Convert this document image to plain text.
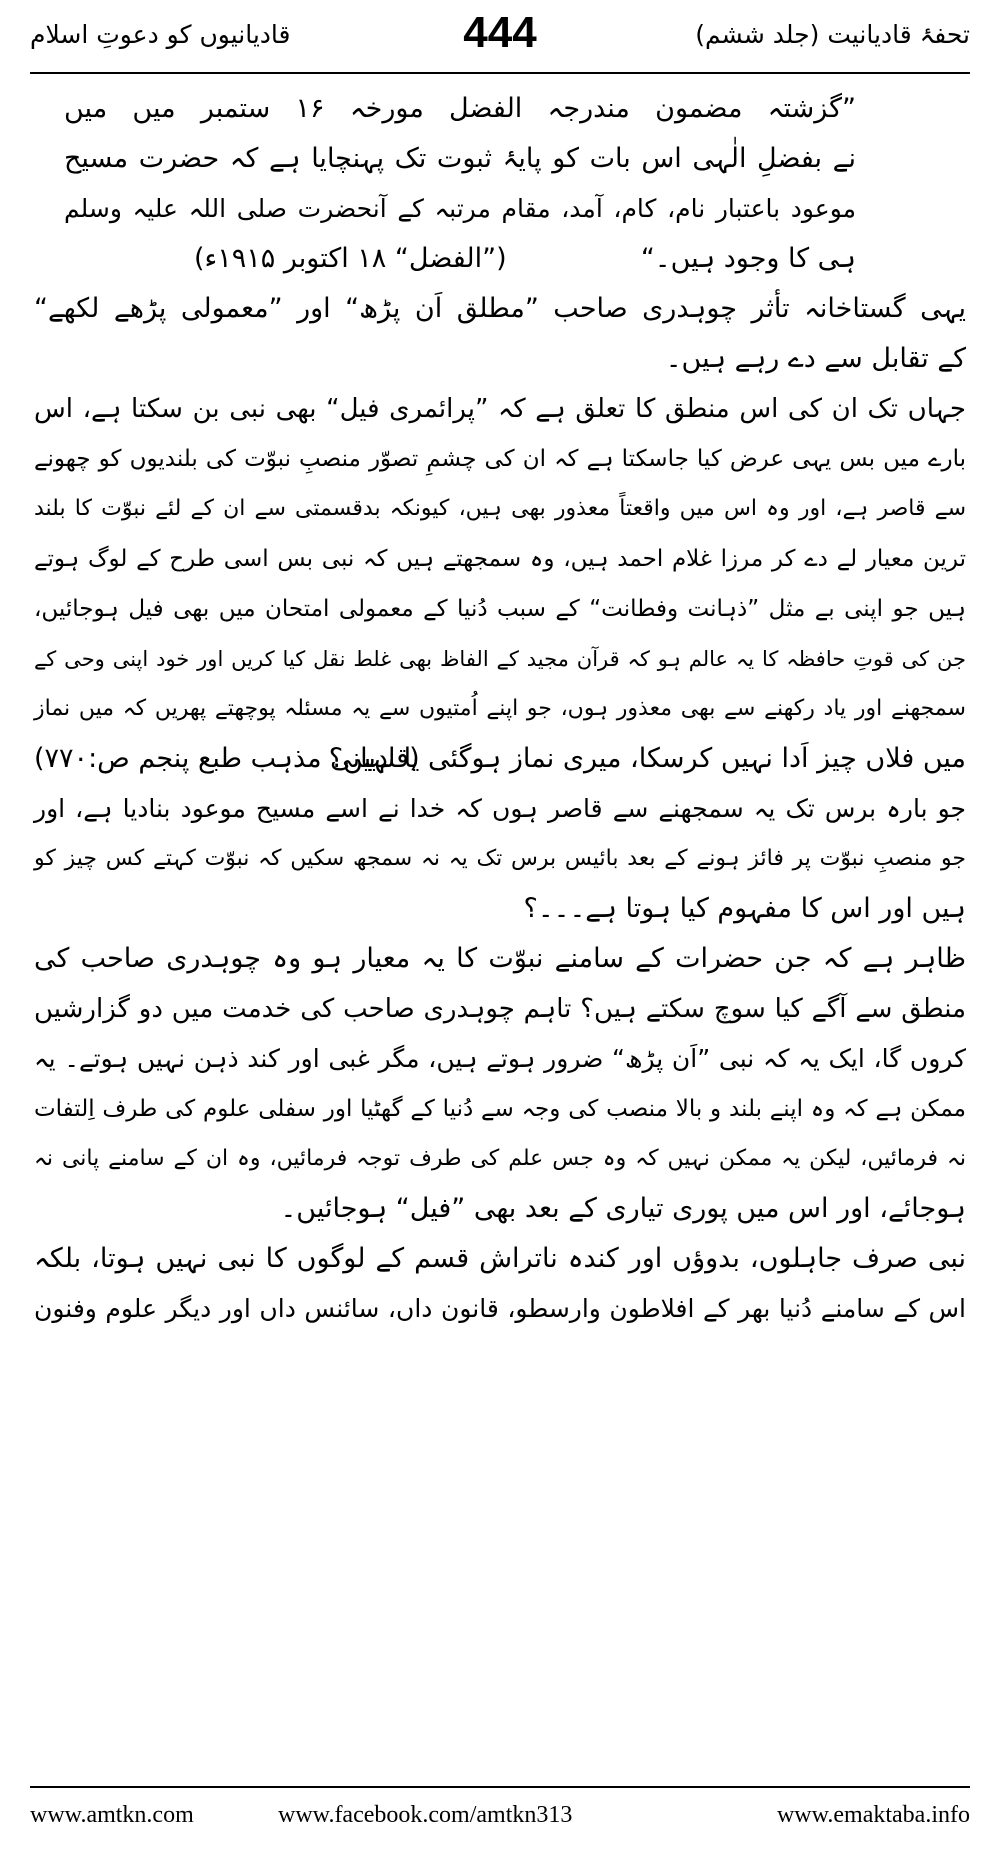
تحفۂ قادیانیت (جلد ششم)
444
قادیانیوں کو دعوتِ اسلام
”گزشتہ مضمون مندرجہ الفضل مورخہ ۱۶ ستمبر میں میں
نے بفضلِ الٰہی اس بات کو پایۂ ثبوت تک پہنچایا ہے کہ حضرت مسیح
موعود باعتبار نام، کام، آمد، مقام مرتبہ کے آنحضرت صلی اللہ علیہ وسلم
ہی کا وجود ہیں۔“
(”الفضل“ ۱۸ اکتوبر ۱۹۱۵ء)
یہی گستاخانہ تأثر چوہدری صاحب ”مطلق اَن پڑھ“ اور ”معمولی پڑھے لکھے“
کے تقابل سے دے رہے ہیں۔
جہاں تک ان کی اس منطق کا تعلق ہے کہ ”پرائمری فیل“ بھی نبی بن سکتا ہے، اس
بارے میں بس یہی عرض کیا جاسکتا ہے کہ ان کی چشمِ تصوّر منصبِ نبوّت کی بلندیوں کو چھونے
سے قاصر ہے، اور وہ اس میں واقعتاً معذور بھی ہیں، کیونکہ بدقسمتی سے ان کے لئے نبوّت کا بلند
ترین معیار لے دے کر مرزا غلام احمد ہیں، وہ سمجھتے ہیں کہ نبی بس اسی طرح کے لوگ ہوتے
ہیں جو اپنی بے مثل ”ذہانت وفطانت“ کے سبب دُنیا کے معمولی امتحان میں بھی فیل ہوجائیں،
جن کی قوتِ حافظہ کا یہ عالم ہو کہ قرآن مجید کے الفاظ بھی غلط نقل کیا کریں اور خود اپنی وحی کے
سمجھنے اور یاد رکھنے سے بھی معذور ہوں، جو اپنے اُمتیوں سے یہ مسئلہ پوچھتے پھریں کہ میں نماز
میں فلاں چیز اَدا نہیں کرسکا، میری نماز ہوگئی یا نہیں؟
(قادیانی مذہب طبع پنجم ص:۷۷۰)
جو بارہ برس تک یہ سمجھنے سے قاصر ہوں کہ خدا نے اسے مسیح موعود بنادیا ہے، اور
جو منصبِ نبوّت پر فائز ہونے کے بعد بائیس برس تک یہ نہ سمجھ سکیں کہ نبوّت کہتے کس چیز کو
ہیں اور اس کا مفہوم کیا ہوتا ہے۔۔۔؟
ظاہر ہے کہ جن حضرات کے سامنے نبوّت کا یہ معیار ہو وہ چوہدری صاحب کی
منطق سے آگے کیا سوچ سکتے ہیں؟ تاہم چوہدری صاحب کی خدمت میں دو گزارشیں
کروں گا، ایک یہ کہ نبی ”اَن پڑھ“ ضرور ہوتے ہیں، مگر غبی اور کند ذہن نہیں ہوتے۔ یہ
ممکن ہے کہ وہ اپنے بلند و بالا منصب کی وجہ سے دُنیا کے گھٹیا اور سفلی علوم کی طرف اِلتفات
نہ فرمائیں، لیکن یہ ممکن نہیں کہ وہ جس علم کی طرف توجہ فرمائیں، وہ ان کے سامنے پانی نہ
ہوجائے، اور اس میں پوری تیاری کے بعد بھی ”فیل“ ہوجائیں۔
نبی صرف جاہلوں، بدوؤں اور کندہ ناتراش قسم کے لوگوں کا نبی نہیں ہوتا، بلکہ
اس کے سامنے دُنیا بھر کے افلاطون وارسطو، قانون داں، سائنس داں اور دیگر علوم وفنون
www.amtkn.com	www.facebook.com/amtkn313	www.emaktaba.info
